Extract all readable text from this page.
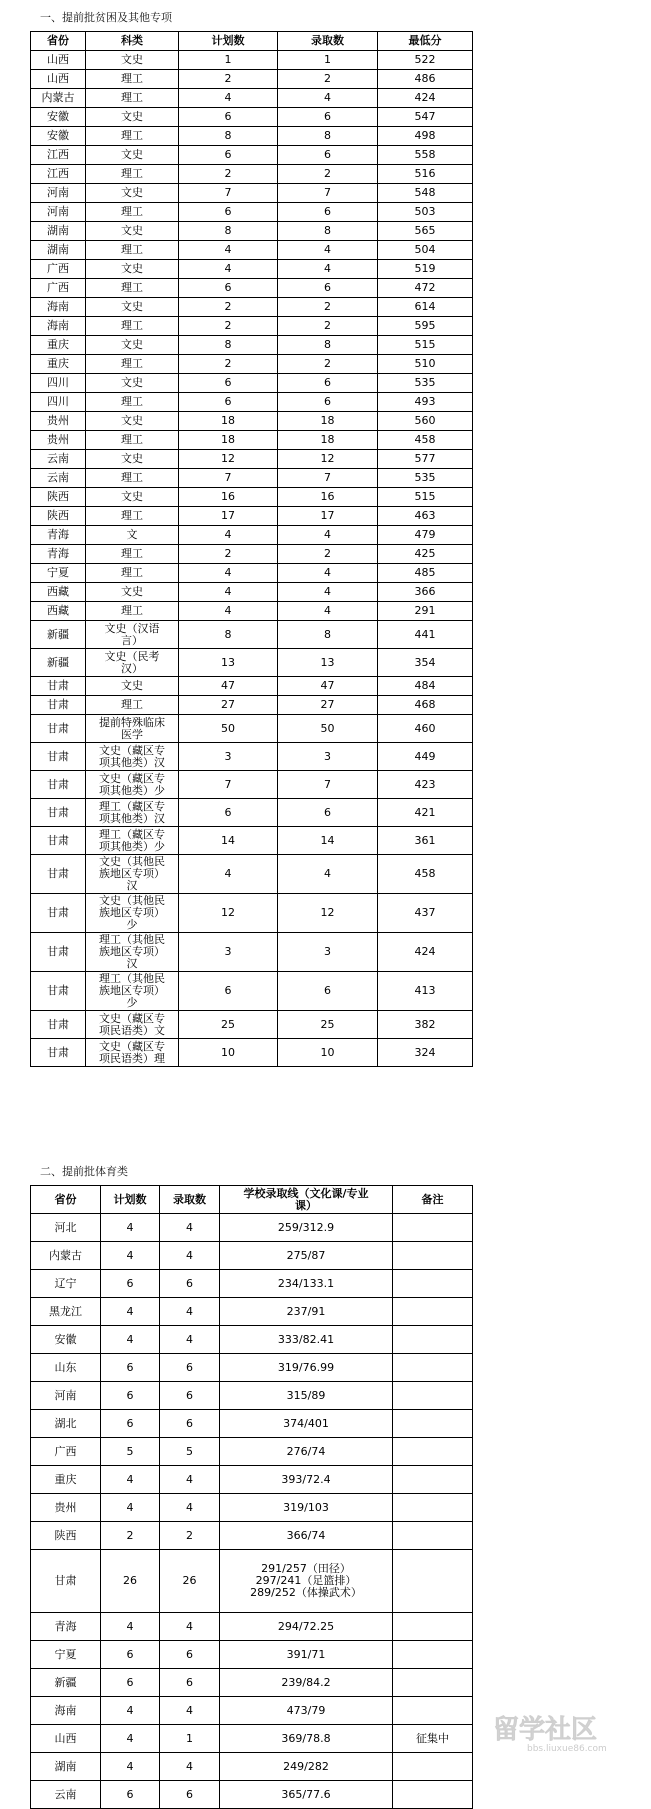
一、提前批贫困及其他专项
省份	科类	计划数	录取数	最低分
山西	文史	1	1	522
山西	理工	2	2	486
内蒙古	理工	4	4	424
安徽	文史	6	6	547
安徽	理工	8	8	498
江西	文史	6	6	558
江西	理工	2	2	516
河南	文史	7	7	548
河南	理工	6	6	503
湖南	文史	8	8	565
湖南	理工	4	4	504
广西	文史	4	4	519
广西	理工	6	6	472
海南	文史	2	2	614
海南	理工	2	2	595
重庆	文史	8	8	515
重庆	理工	2	2	510
四川	文史	6	6	535
四川	理工	6	6	493
贵州	文史	18	18	560
贵州	理工	18	18	458
云南	文史	12	12	577
云南	理工	7	7	535
陕西	文史	16	16	515
陕西	理工	17	17	463
青海	文	4	4	479
青海	理工	2	2	425
宁夏	理工	4	4	485
西藏	文史	4	4	366
西藏	理工	4	4	291
新疆	文史（汉语
言）	8	8	441
新疆	文史（民考
汉）	13	13	354
甘肃	文史	47	47	484
甘肃	理工	27	27	468
甘肃	提前特殊临床
医学	50	50	460
甘肃	文史（藏区专
项其他类）汉	3	3	449
甘肃	文史（藏区专
项其他类）少	7	7	423
甘肃	理工（藏区专
项其他类）汉	6	6	421
甘肃	理工（藏区专
项其他类）少	14	14	361
甘肃	文史（其他民
族地区专项）
汉	4	4	458
甘肃	文史（其他民
族地区专项）
少	12	12	437
甘肃	理工（其他民
族地区专项）
汉	3	3	424
甘肃	理工（其他民
族地区专项）
少	6	6	413
甘肃	文史（藏区专
项民语类）文	25	25	382
甘肃	文史（藏区专
项民语类）理	10	10	324
二、提前批体育类
省份	计划数	录取数	学校录取线（文化课/专业
课）	备注
河北	4	4	259/312.9	
内蒙古	4	4	275/87	
辽宁	6	6	234/133.1	
黑龙江	4	4	237/91	
安徽	4	4	333/82.41	
山东	6	6	319/76.99	
河南	6	6	315/89	
湖北	6	6	374/401	
广西	5	5	276/74	
重庆	4	4	393/72.4	
贵州	4	4	319/103	
陕西	2	2	366/74	
甘肃	26	26	291/257（田径）
297/241（足篮排）
289/252（体操武术）	
青海	4	4	294/72.25	
宁夏	6	6	391/71	
新疆	6	6	239/84.2	
海南	4	4	473/79	
山西	4	1	369/78.8	征集中
湖南	4	4	249/282	
云南	6	6	365/77.6	
留学社区
bbs.liuxue86.com
